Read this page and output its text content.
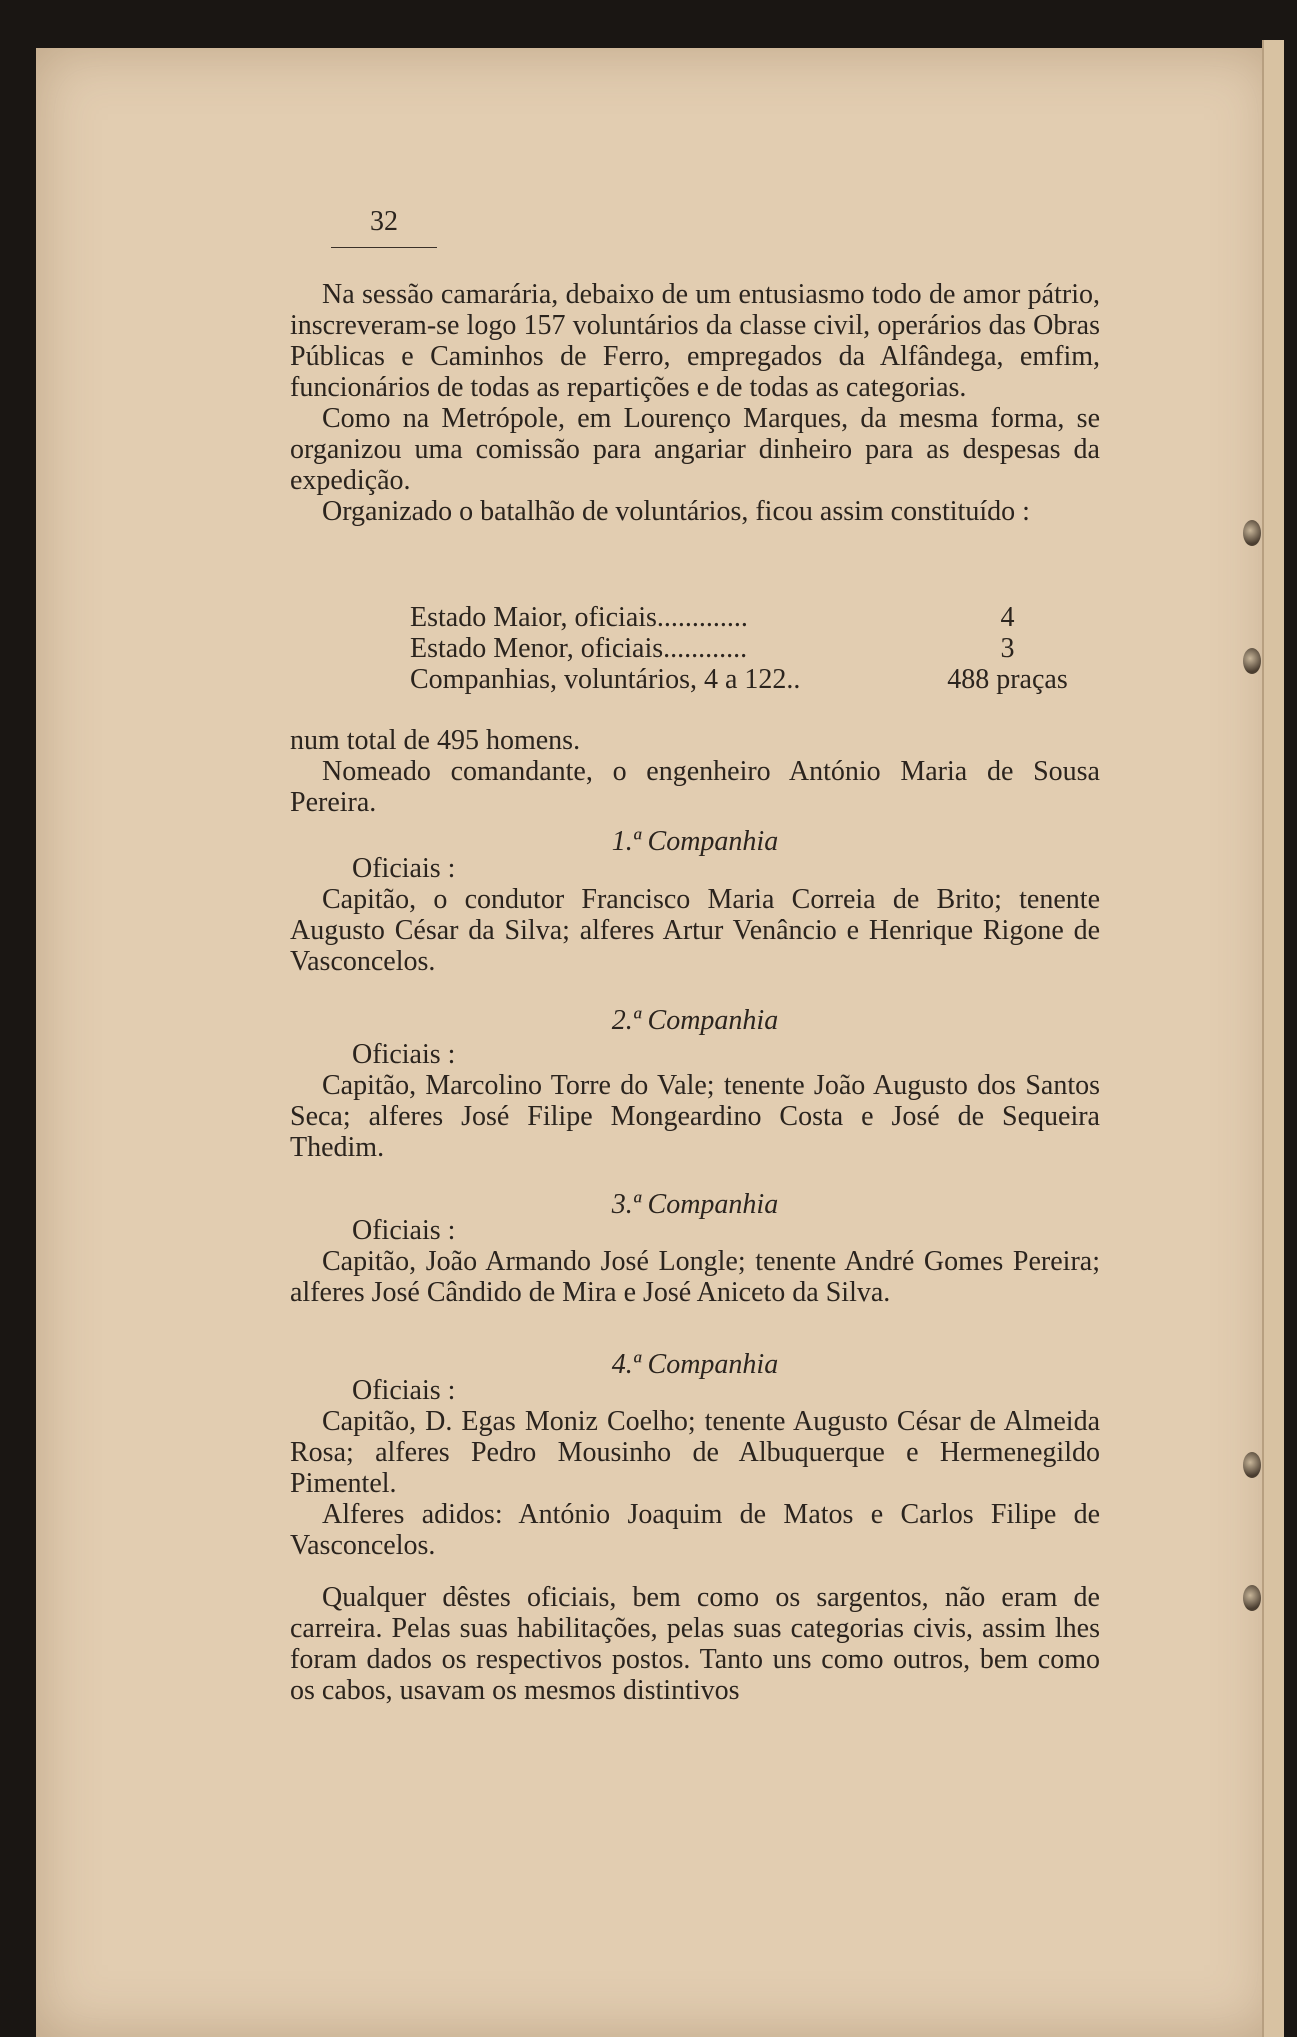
32

Na sessão camarária, debaixo de um entusiasmo todo de amor pátrio, inscreveram-se logo 157 voluntários da classe civil, operários das Obras Públicas e Caminhos de Ferro, empregados da Alfândega, emfim, funcionários de todas as repartições e de todas as categorias.

Como na Metrópole, em Lourenço Marques, da mesma forma, se organizou uma comissão para angariar dinheiro para as despesas da expedição.

Organizado o batalhão de voluntários, ficou assim constituído :

Estado Maior, oficiais.............	4
Estado Menor, oficiais............	3
Companhias, voluntários, 4 a 122..	488 praças

num total de 495 homens.

Nomeado comandante, o engenheiro António Maria de Sousa Pereira.

1.ª Companhia
Oficiais :

Capitão, o condutor Francisco Maria Correia de Brito; tenente Augusto César da Silva; alferes Artur Venâncio e Henrique Rigone de Vasconcelos.

2.ª Companhia
Oficiais :

Capitão, Marcolino Torre do Vale; tenente João Augusto dos Santos Seca; alferes José Filipe Mongeardino Costa e José de Sequeira Thedim.

3.ª Companhia
Oficiais :

Capitão, João Armando José Longle; tenente André Gomes Pereira; alferes José Cândido de Mira e José Aniceto da Silva.

4.ª Companhia
Oficiais :

Capitão, D. Egas Moniz Coelho; tenente Augusto César de Almeida Rosa; alferes Pedro Mousinho de Albuquerque e Hermenegildo Pimentel.

Alferes adidos: António Joaquim de Matos e Carlos Filipe de Vasconcelos.

Qualquer dêstes oficiais, bem como os sargentos, não eram de carreira. Pelas suas habilitações, pelas suas categorias civis, assim lhes foram dados os respectivos postos. Tanto uns como outros, bem como os cabos, usavam os mesmos distintivos
